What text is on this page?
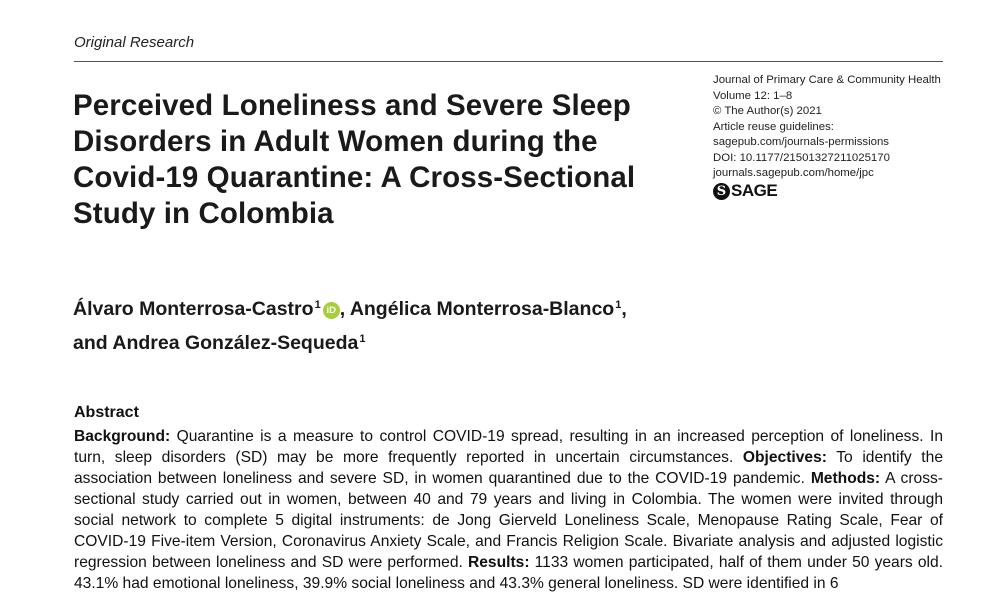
Original Research
Perceived Loneliness and Severe Sleep
Disorders in Adult Women during the
Covid-19 Quarantine: A Cross-Sectional
Study in Colombia
Journal of Primary Care & Community Health
Volume 12: 1–8
© The Author(s) 2021
Article reuse guidelines:
sagepub.com/journals-permissions
DOI: 10.1177/21501327211025170
journals.sagepub.com/home/jpc
S SAGE
Álvaro Monterrosa-Castro$^1$ iD , Angélica Monterrosa-Blanco$^1$,
and Andrea González-Sequeda$^1$
Abstract
Background: Quarantine is a measure to control COVID-19 spread, resulting in an increased perception of loneliness. In turn, sleep disorders (SD) may be more frequently reported in uncertain circumstances. Objectives: To identify the association between loneliness and severe SD, in women quarantined due to the COVID-19 pandemic. Methods: A cross-sectional study carried out in women, between 40 and 79 years and living in Colombia. The women were invited through social network to complete 5 digital instruments: de Jong Gierveld Loneliness Scale, Menopause Rating Scale, Fear of COVID-19 Five-item Version, Coronavirus Anxiety Scale, and Francis Religion Scale. Bivariate analysis and adjusted logistic regression between loneliness and SD were performed. Results: 1133 women participated, half of them under 50 years old. 43.1% had emotional loneliness, 39.9% social loneliness and 43.3% general loneliness. SD were identified in 6
